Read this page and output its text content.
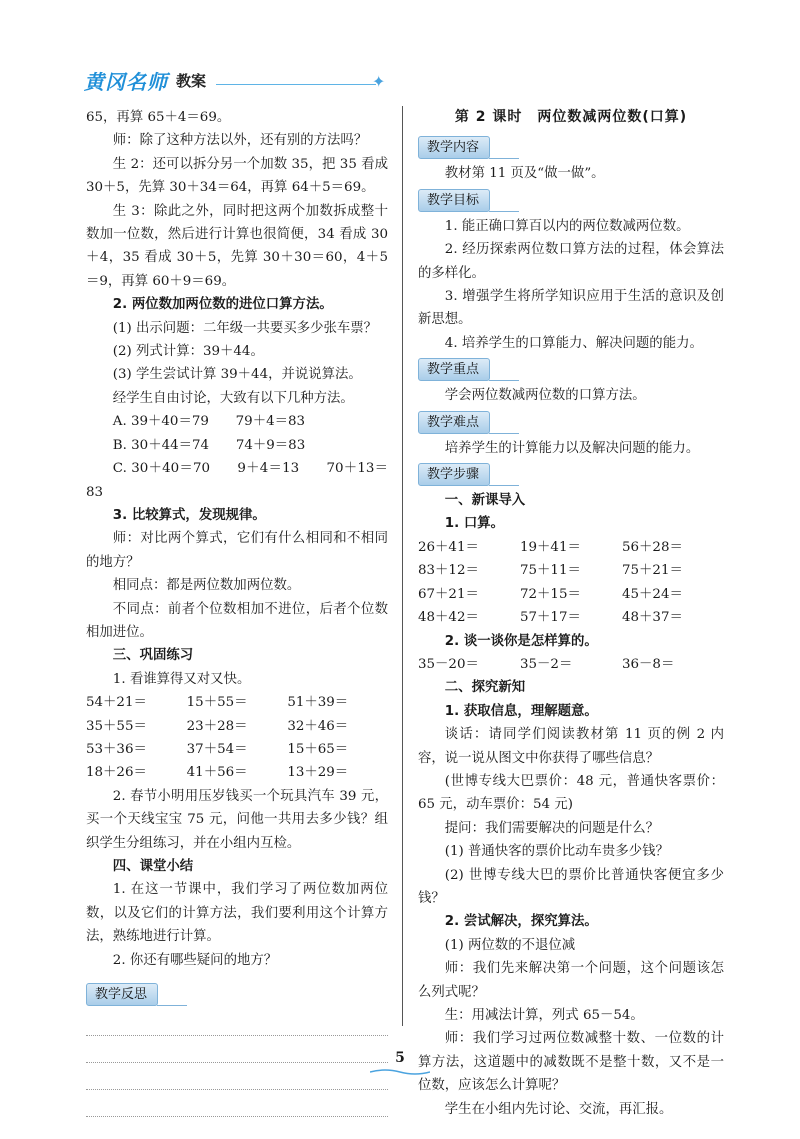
黄冈名师 教案	✦

65，再算 65＋4＝69。

师：除了这种方法以外，还有别的方法吗？

生 2：还可以拆分另一个加数 35，把 35 看成 30＋5，先算 30＋34＝64，再算 64＋5＝69。

生 3：除此之外，同时把这两个加数拆成整十数加一位数，然后进行计算也很简便，34 看成 30＋4，35 看成 30＋5，先算 30＋30＝60，4＋5＝9，再算 60＋9＝69。

2. 两位数加两位数的进位口算方法。

(1) 出示问题：二年级一共要买多少张车票？

(2) 列式计算：39＋44。

(3) 学生尝试计算 39＋44，并说说算法。

经学生自由讨论，大致有以下几种方法。

A. 39＋40＝79　　79＋4＝83

B. 30＋44＝74　　74＋9＝83

C. 30＋40＝70　　9＋4＝13　　70＋13＝83

3. 比较算式，发现规律。

师：对比两个算式，它们有什么相同和不相同的地方？

相同点：都是两位数加两位数。

不同点：前者个位数相加不进位，后者个位数相加进位。

三、巩固练习

1. 看谁算得又对又快。

54＋21＝	15＋55＝	51＋39＝
35＋55＝	23＋28＝	32＋46＝
53＋36＝	37＋54＝	15＋65＝
18＋26＝	41＋56＝	13＋29＝

2. 春节小明用压岁钱买一个玩具汽车 39 元，买一个天线宝宝 75 元，问他一共用去多少钱？组织学生分组练习，并在小组内互检。

四、课堂小结

1. 在这一节课中，我们学习了两位数加两位数，以及它们的计算方法，我们要利用这个计算方法，熟练地进行计算。

2. 你还有哪些疑问的地方？

教学反思

第 2 课时　两位数减两位数(口算)

教学内容

教材第 11 页及“做一做”。

教学目标

1. 能正确口算百以内的两位数减两位数。

2. 经历探索两位数口算方法的过程，体会算法的多样化。

3. 增强学生将所学知识应用于生活的意识及创新思想。

4. 培养学生的口算能力、解决问题的能力。

教学重点

学会两位数减两位数的口算方法。

教学难点

培养学生的计算能力以及解决问题的能力。

教学步骤

一、新课导入

1. 口算。

26＋41＝	19＋41＝	56＋28＝
83＋12＝	75＋11＝	75＋21＝
67＋21＝	72＋15＝	45＋24＝
48＋42＝	57＋17＝	48＋37＝

2. 谈一谈你是怎样算的。

35－20＝	35－2＝	36－8＝

二、探究新知

1. 获取信息，理解题意。

谈话：请同学们阅读教材第 11 页的例 2 内容，说一说从图文中你获得了哪些信息？

(世博专线大巴票价：48 元，普通快客票价：65 元，动车票价：54 元)

提问：我们需要解决的问题是什么？

(1) 普通快客的票价比动车贵多少钱？

(2) 世博专线大巴的票价比普通快客便宜多少钱？

2. 尝试解决，探究算法。

(1) 两位数的不退位减

师：我们先来解决第一个问题，这个问题该怎么列式呢？

生：用减法计算，列式 65－54。

师：我们学习过两位数减整十数、一位数的计算方法，这道题中的减数既不是整十数，又不是一位数，应该怎么计算呢？

学生在小组内先讨论、交流，再汇报。

5
